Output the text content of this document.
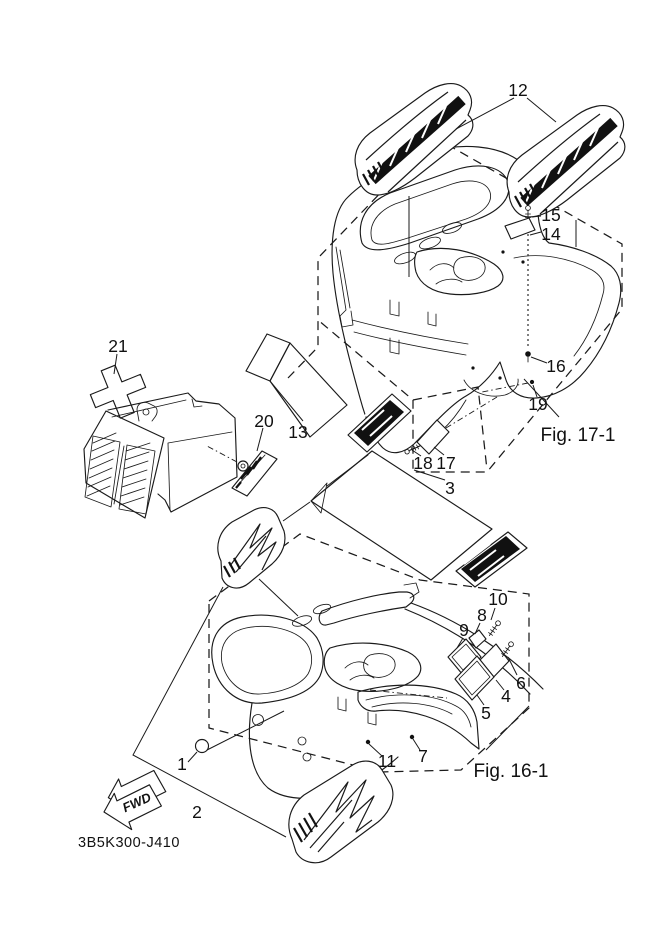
FWD
3B5K300-J410
1
2
3
4
5
6
7
8
9
10
11
12
13
14
15
16
17
18
19
20
21
Fig. 17-1
Fig. 16-1
